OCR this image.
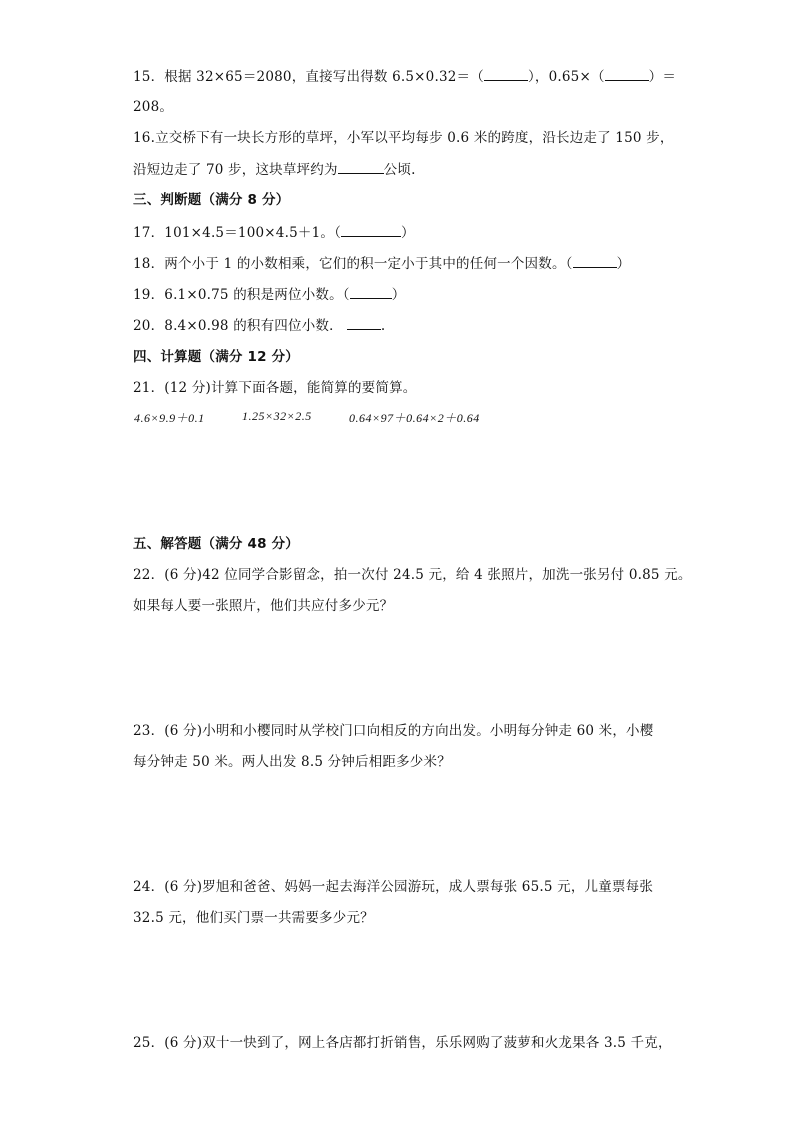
15．根据 32×65＝2080，直接写出得数 6.5×0.32＝（	），0.65×（	）＝
208。
16.立交桥下有一块长方形的草坪，小军以平均每步 0.6 米的跨度，沿长边走了 150 步，
沿短边走了 70 步，这块草坪约为	公顷.
三、判断题（满分 8 分）
17．101×4.5＝100×4.5＋1。（	）
18．两个小于 1 的小数相乘，它们的积一定小于其中的任何一个因数。（	）
19．6.1×0.75 的积是两位小数。（	）
20．8.4×0.98 的积有四位小数．	.
四、计算题（满分 12 分）
21．(12 分)计算下面各题，能简算的要简算。
4.6×9.9＋0.1	1.25×32×2.5	0.64×97＋0.64×2＋0.64
五、解答题（满分 48 分）
22．(6 分)42 位同学合影留念，拍一次付 24.5 元，给 4 张照片，加洗一张另付 0.85 元。
如果每人要一张照片，他们共应付多少元？
23．(6 分)小明和小樱同时从学校门口向相反的方向出发。小明每分钟走 60 米，小樱
每分钟走 50 米。两人出发 8.5 分钟后相距多少米？
24．(6 分)罗旭和爸爸、妈妈一起去海洋公园游玩，成人票每张 65.5 元，儿童票每张
32.5 元，他们买门票一共需要多少元？
25．(6 分)双十一快到了，网上各店都打折销售，乐乐网购了菠萝和火龙果各 3.5 千克，
